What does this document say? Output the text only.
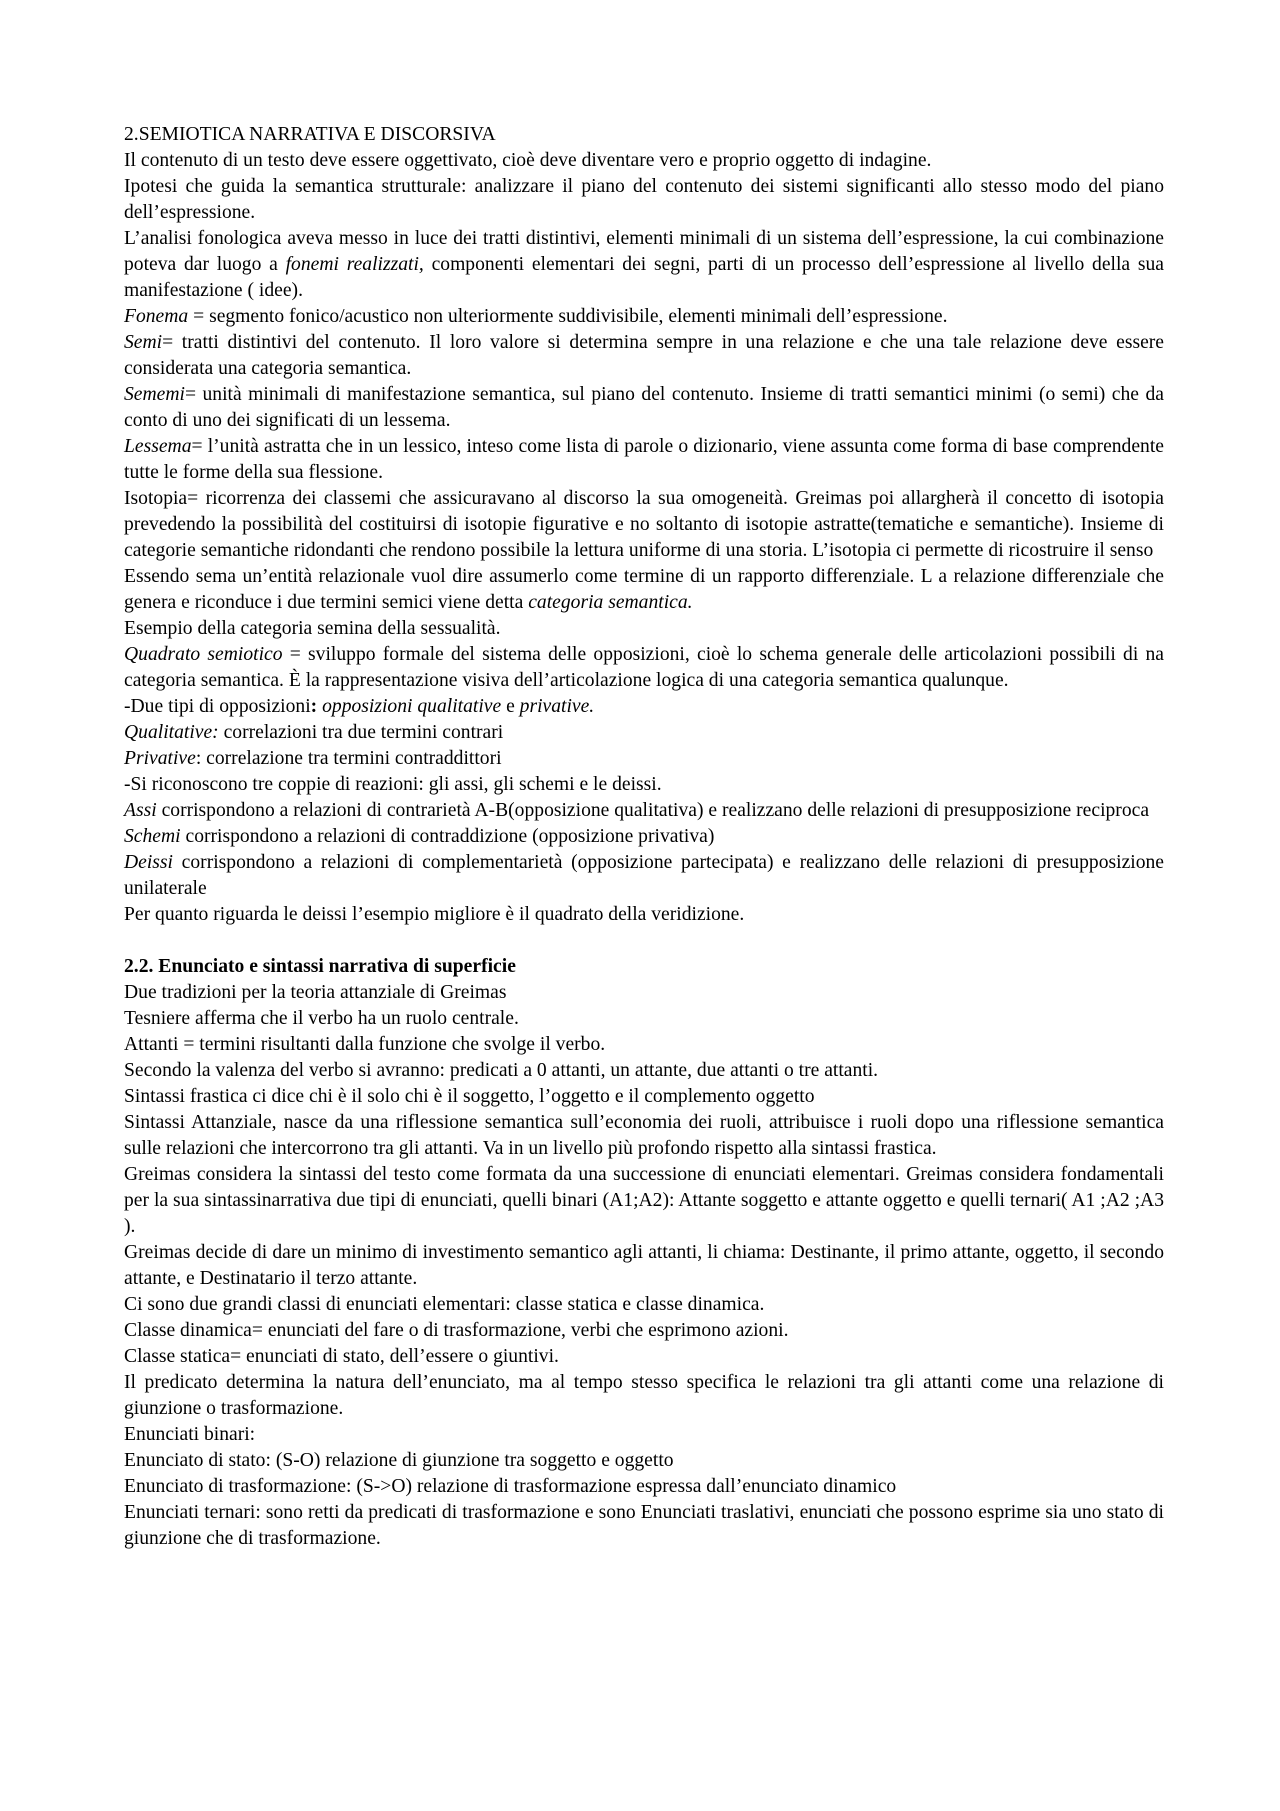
2.SEMIOTICA NARRATIVA E DISCORSIVA

Il contenuto di un testo deve essere oggettivato, cioè deve diventare vero e proprio oggetto di indagine.

Ipotesi che guida la semantica strutturale: analizzare il piano del contenuto dei sistemi significanti allo stesso modo del piano dell’espressione.

L’analisi fonologica aveva messo in luce dei tratti distintivi, elementi minimali di un sistema dell’espressione, la cui combinazione poteva dar luogo a fonemi realizzati, componenti elementari dei segni, parti di un processo dell’espressione al livello della sua manifestazione ( idee).

Fonema = segmento fonico/acustico non ulteriormente suddivisibile, elementi minimali dell’espressione.

Semi= tratti distintivi del contenuto. Il loro valore si determina sempre in una relazione e che una tale relazione deve essere considerata una categoria semantica.

Sememi= unità minimali di manifestazione semantica, sul piano del contenuto. Insieme di tratti semantici minimi (o semi) che da conto di uno dei significati di un lessema.

Lessema= l’unità astratta che in un lessico, inteso come lista di parole o dizionario, viene assunta come forma di base comprendente tutte le forme della sua flessione.

Isotopia= ricorrenza dei classemi che assicuravano al discorso la sua omogeneità. Greimas poi allargherà il concetto di isotopia prevedendo la possibilità del costituirsi di isotopie figurative e no soltanto di isotopie astratte(tematiche e semantiche). Insieme di categorie semantiche ridondanti che rendono possibile la lettura uniforme di una storia. L’isotopia ci permette di ricostruire il senso

Essendo sema un’entità relazionale vuol dire assumerlo come termine di un rapporto differenziale. L a relazione differenziale che genera e riconduce i due termini semici viene detta categoria semantica.

Esempio della categoria semina della sessualità.

Quadrato semiotico = sviluppo formale del sistema delle opposizioni, cioè lo schema generale delle articolazioni possibili di na categoria semantica. È la rappresentazione visiva dell’articolazione logica di una categoria semantica qualunque.

-Due tipi di opposizioni: opposizioni qualitative e privative.

Qualitative: correlazioni tra due termini contrari

Privative: correlazione tra termini contraddittori

-Si riconoscono tre coppie di reazioni: gli assi, gli schemi e le deissi.

Assi corrispondono a relazioni di contrarietà A-B(opposizione qualitativa) e realizzano delle relazioni di presupposizione reciproca

Schemi corrispondono a relazioni di contraddizione (opposizione privativa)

Deissi corrispondono a relazioni di complementarietà (opposizione partecipata) e realizzano delle relazioni di presupposizione unilaterale

Per quanto riguarda le deissi l’esempio migliore è il quadrato della veridizione.

2.2. Enunciato e sintassi narrativa di superficie

Due tradizioni per la teoria attanziale di Greimas

Tesniere afferma che il verbo ha un ruolo centrale.

Attanti = termini risultanti dalla funzione che svolge il verbo.

Secondo la valenza del verbo si avranno: predicati a 0 attanti, un attante, due attanti o tre attanti.

Sintassi frastica ci dice chi è il solo chi è il soggetto, l’oggetto e il complemento oggetto

Sintassi Attanziale, nasce da una riflessione semantica sull’economia dei ruoli, attribuisce i ruoli dopo una riflessione semantica sulle relazioni che intercorrono tra gli attanti. Va in un livello più profondo rispetto alla sintassi frastica.

Greimas considera la sintassi del testo come formata da una successione di enunciati elementari. Greimas considera fondamentali per la sua sintassinarrativa due tipi di enunciati, quelli binari (A1;A2): Attante soggetto e attante oggetto e quelli ternari( A1 ;A2 ;A3 ).

Greimas decide di dare un minimo di investimento semantico agli attanti, li chiama: Destinante, il primo attante, oggetto, il secondo attante, e Destinatario il terzo attante.

Ci sono due grandi classi di enunciati elementari: classe statica e classe dinamica.

Classe dinamica= enunciati del fare o di trasformazione, verbi che esprimono azioni.

Classe statica= enunciati di stato, dell’essere o giuntivi.

Il predicato determina la natura dell’enunciato, ma al tempo stesso specifica le relazioni tra gli attanti come una relazione di giunzione o trasformazione.

Enunciati binari:

Enunciato di stato: (S-O) relazione di giunzione tra soggetto e oggetto

Enunciato di trasformazione: (S->O) relazione di trasformazione espressa dall’enunciato dinamico

Enunciati ternari: sono retti da predicati di trasformazione e sono Enunciati traslativi, enunciati che possono esprime sia uno stato di giunzione che di trasformazione.
